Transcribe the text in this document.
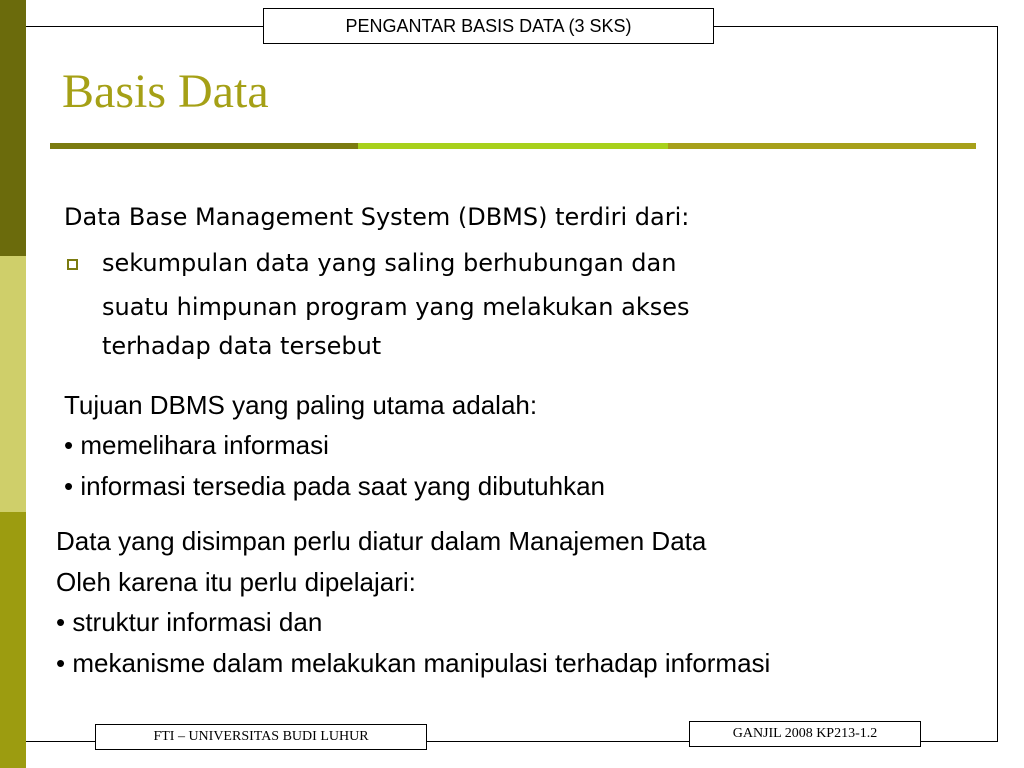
PENGANTAR BASIS DATA (3 SKS)
Basis Data

Data Base Management System (DBMS) terdiri dari:

sekumpulan data yang saling berhubungan dan

suatu himpunan program yang melakukan akses

terhadap data tersebut

Tujuan DBMS yang paling utama adalah:

• memelihara informasi

• informasi tersedia pada saat yang dibutuhkan

Data yang disimpan perlu diatur dalam Manajemen Data

Oleh karena itu perlu dipelajari:

• struktur informasi dan

• mekanisme dalam melakukan manipulasi terhadap informasi

FTI – UNIVERSITAS BUDI LUHUR	GANJIL 2008 KP213-1.2
